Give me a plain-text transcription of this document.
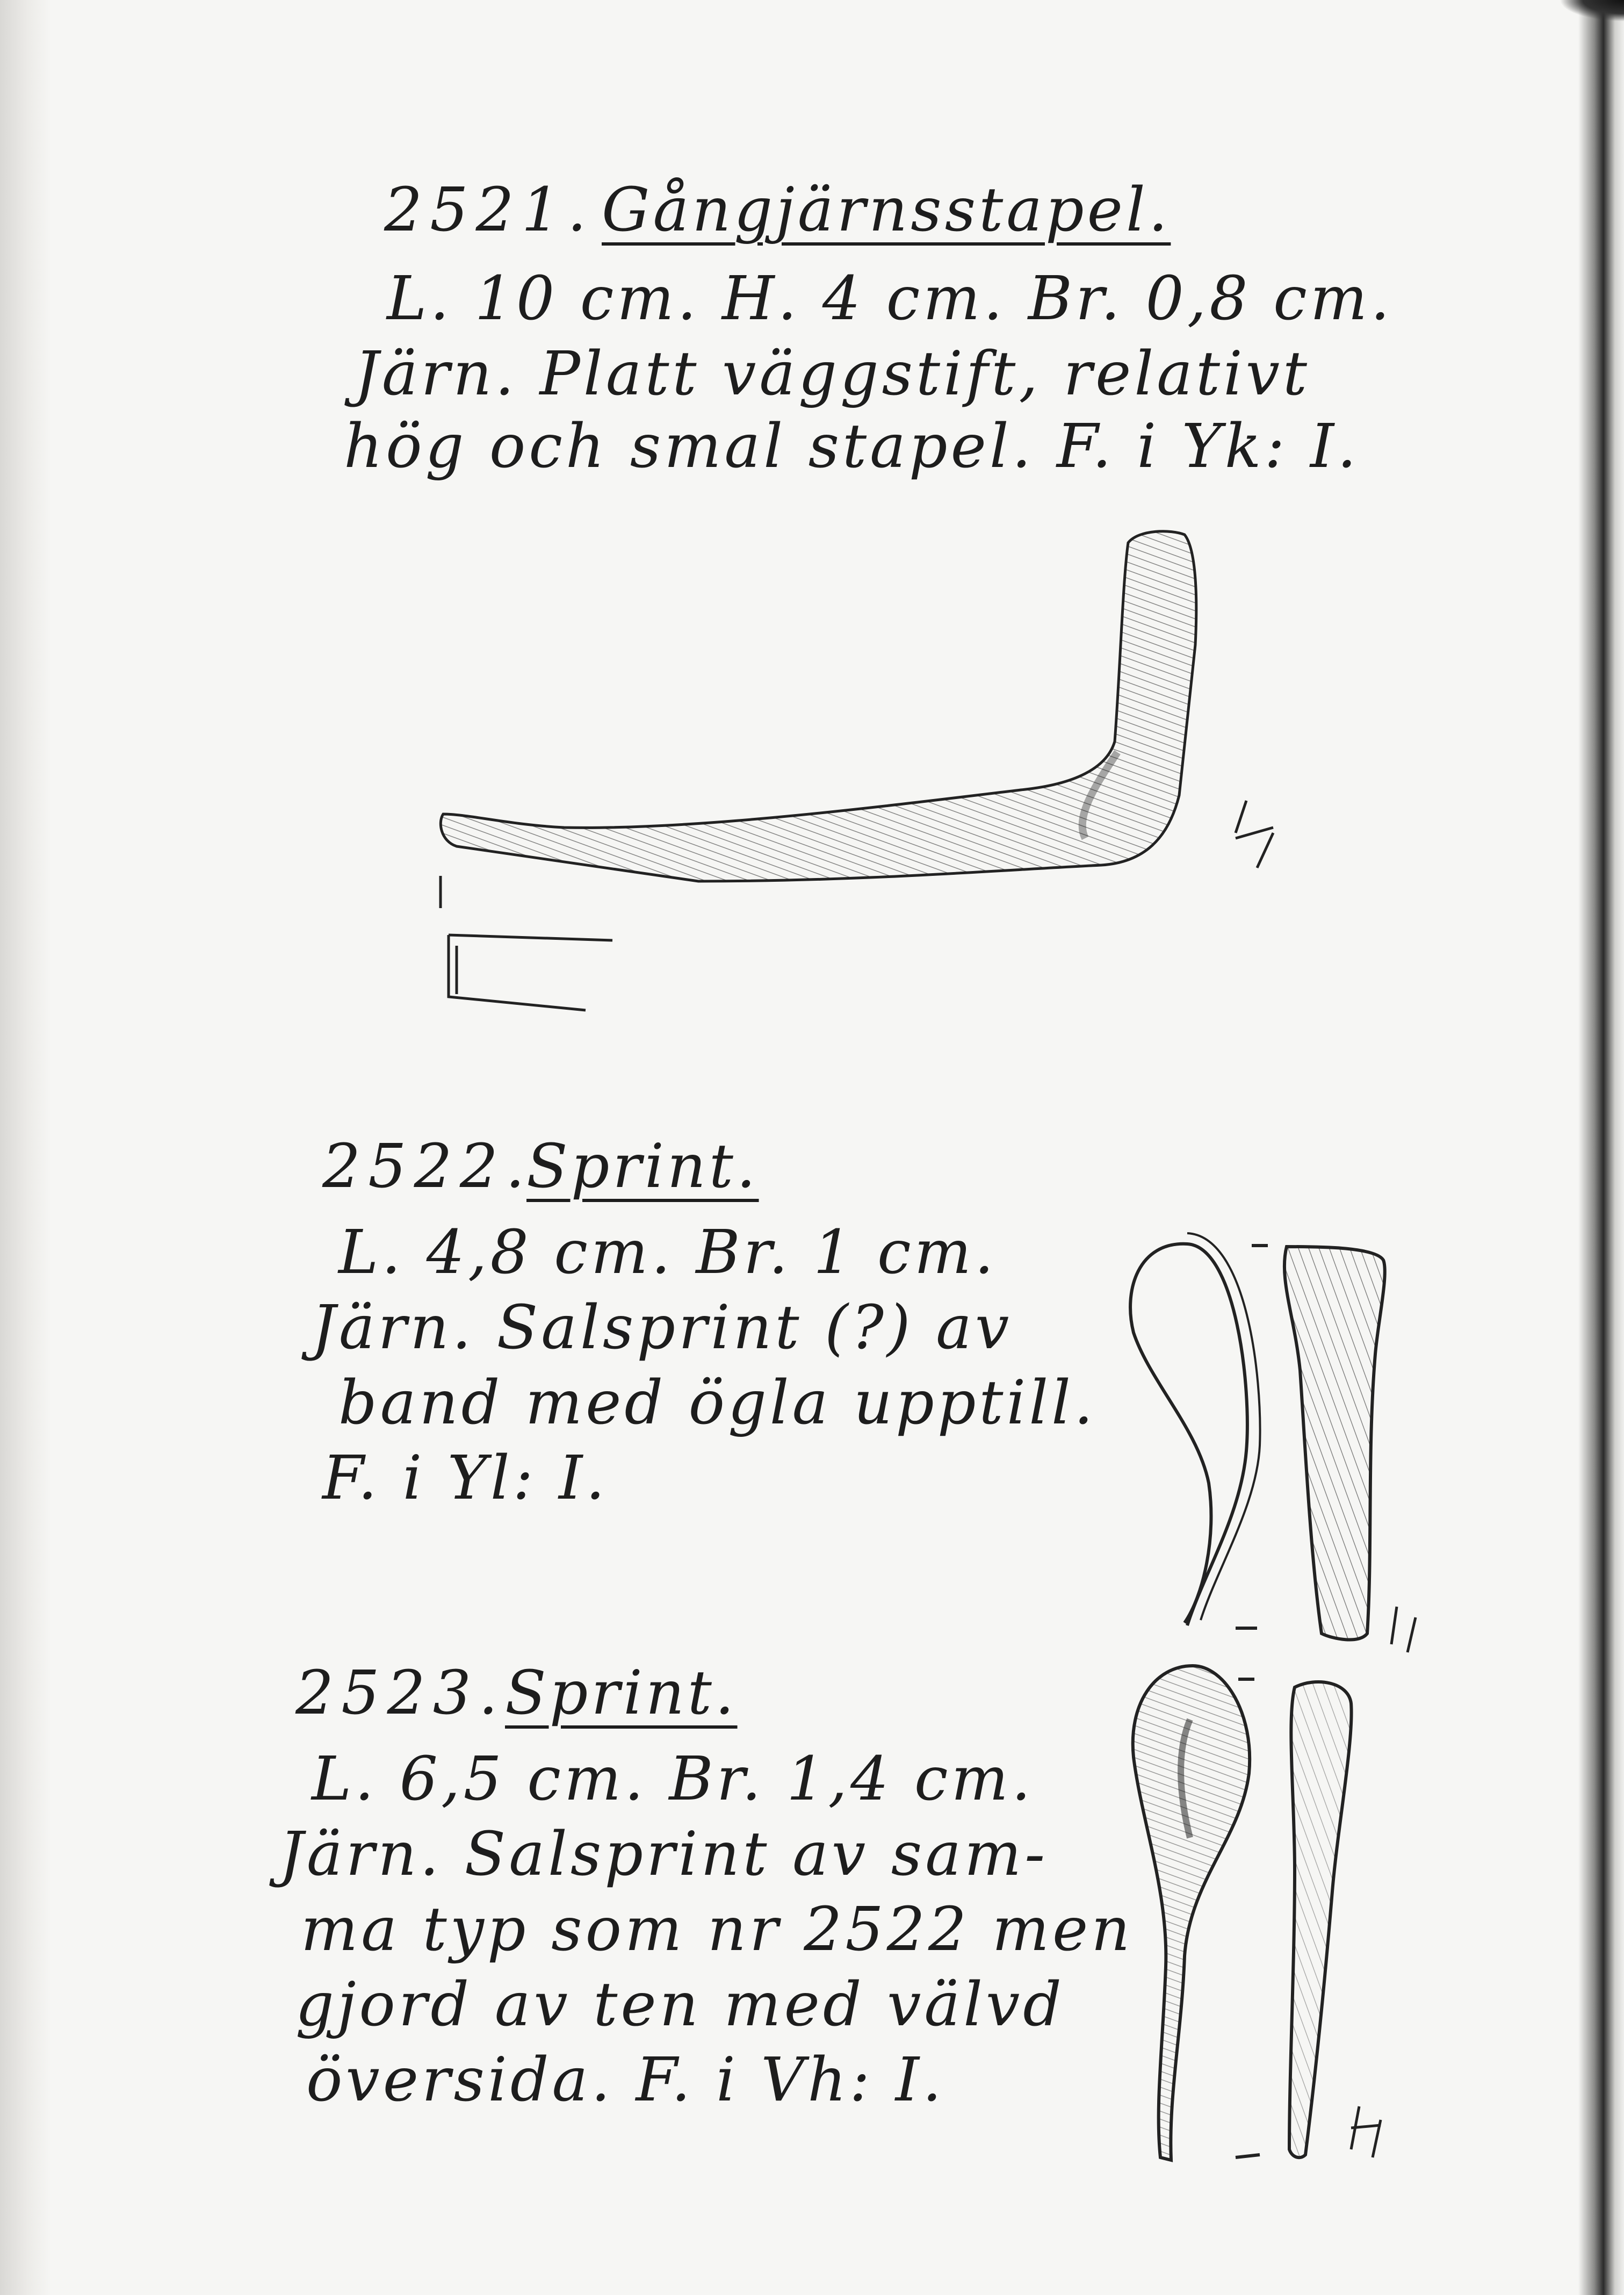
2521. Gångjärnsstapel.
L. 10 cm. H. 4 cm. Br. 0,8 cm.
Järn. Platt väggstift, relativt
hög och smal stapel. F. i Yk: I.
2522.
Sprint.
L. 4,8 cm. Br. 1 cm.
Järn. Salsprint (?) av
band med ögla upptill.
F. i Yl: I.
2523. Sprint.
L. 6,5 cm. Br. 1,4 cm.
Järn. Salsprint av sam-
ma typ som nr 2522 men
gjord av ten med välvd
översida. F. i Vh: I.
